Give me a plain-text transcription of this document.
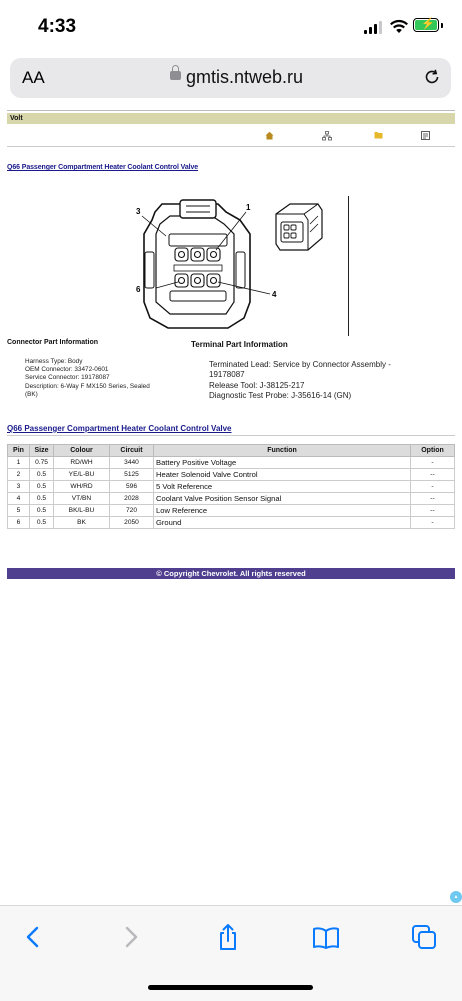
4:33	⚡
AA	gmtis.ntweb.ru
Volt
Q66 Passenger Compartment Heater Coolant Control Valve
3	1
6
4
Connector Part Information
Harness Type: Body
OEM Connector: 33472-0601
Service Connector: 19178087
Description: 6-Way F MX150 Series, Sealed
(BK)
Terminal Part Information
Terminated Lead: Service by Connector Assembly -
19178087
Release Tool: J-38125-217
Diagnostic Test Probe: J-35616-14 (GN)
Q66 Passenger Compartment Heater Coolant Control Valve
Pin	Size	Colour	Circuit	Function	Option
1	0.75	RD/WH	3440	Battery Positive Voltage	-
2	0.5	YE/L-BU	5125	Heater Solenoid Valve Control	--
3	0.5	WH/RD	596	5 Volt Reference	-
4	0.5	VT/BN	2028	Coolant Valve Position Sensor Signal	--
5	0.5	BK/L-BU	720	Low Reference	--
6	0.5	BK	2050	Ground	-
© Copyright Chevrolet. All rights reserved
▲
